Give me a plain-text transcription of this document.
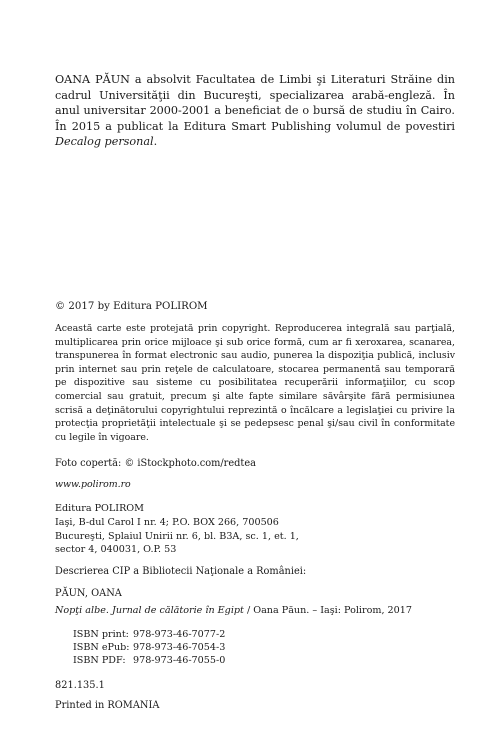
OANA PĂUN a absolvit Facultatea de Limbi şi Literaturi Străine din cadrul Universităţii din Bucureşti, specializarea arabă-engleză. În anul universitar 2000-2001 a beneficiat de o bursă de studiu în Cairo. În 2015 a publicat la Editura Smart Publishing volumul de povestiri Decalog personal.

© 2017 by Editura POLIROM

Această carte este protejată prin copyright. Reproducerea integrală sau parţială, multiplicarea prin orice mijloace şi sub orice formă, cum ar fi xeroxarea, scanarea, transpunerea în format electronic sau audio, punerea la dispoziţia publică, inclusiv prin internet sau prin reţele de calculatoare, stocarea permanentă sau temporară pe dispozitive sau sisteme cu posibilitatea recuperării informaţiilor, cu scop comercial sau gratuit, precum şi alte fapte similare săvârşite fără permisiunea scrisă a deţinătorului copyrightului reprezintă o încălcare a legislaţiei cu privire la protecţia proprietăţii intelectuale şi se pedepsesc penal şi/sau civil în conformitate cu legile în vigoare.

Foto copertă: © iStockphoto.com/redtea
www.polirom.ro
Editura POLIROM
Iaşi, B-dul Carol I nr. 4; P.O. BOX 266, 700506
Bucureşti, Splaiul Unirii nr. 6, bl. B3A, sc. 1, et. 1,
sector 4, 040031, O.P. 53
Descrierea CIP a Bibliotecii Naţionale a României:
PĂUN, OANA
Nopţi albe. Jurnal de călătorie în Egipt / Oana Păun. – Iaşi: Polirom, 2017
ISBN print: 978-973-46-7077-2
ISBN ePub: 978-973-46-7054-3
ISBN PDF: 978-973-46-7055-0
821.135.1
Printed in ROMANIA
